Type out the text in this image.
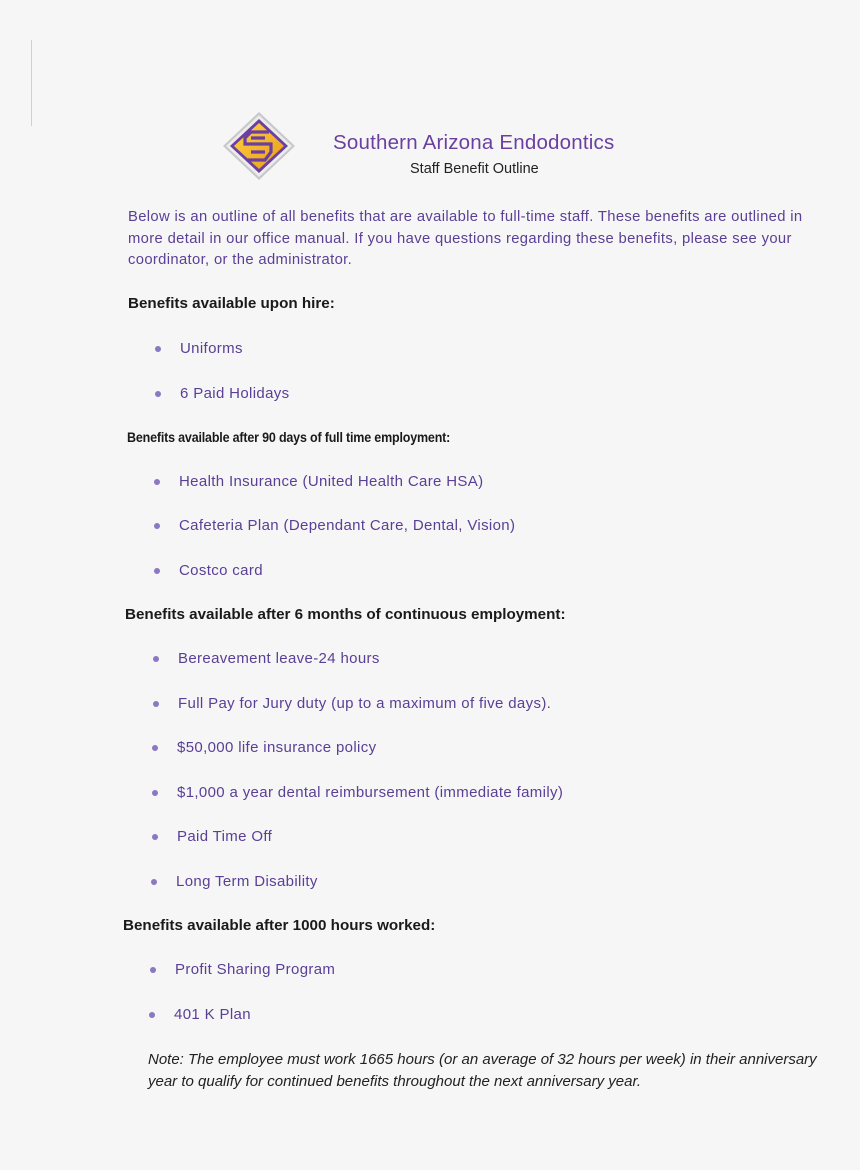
Southern Arizona Endodontics
Staff Benefit Outline
Below is an outline of all benefits that are available to full-time staff. These benefits are outlined in more detail in our office manual. If you have questions regarding these benefits, please see your coordinator, or the administrator.
Benefits available upon hire:
Uniforms
6 Paid Holidays
Benefits available after 90 days of full time employment:
Health Insurance (United Health Care HSA)
Cafeteria Plan (Dependant Care, Dental, Vision)
Costco card
Benefits available after 6 months of continuous employment:
Bereavement leave-24 hours
Full Pay for Jury duty (up to a maximum of five days).
$50,000 life insurance policy
$1,000 a year dental reimbursement (immediate family)
Paid Time Off
Long Term Disability
Benefits available after 1000 hours worked:
Profit Sharing Program
401 K Plan
Note: The employee must work 1665 hours (or an average of 32 hours per week) in their anniversary year to qualify for continued benefits throughout the next anniversary year.
